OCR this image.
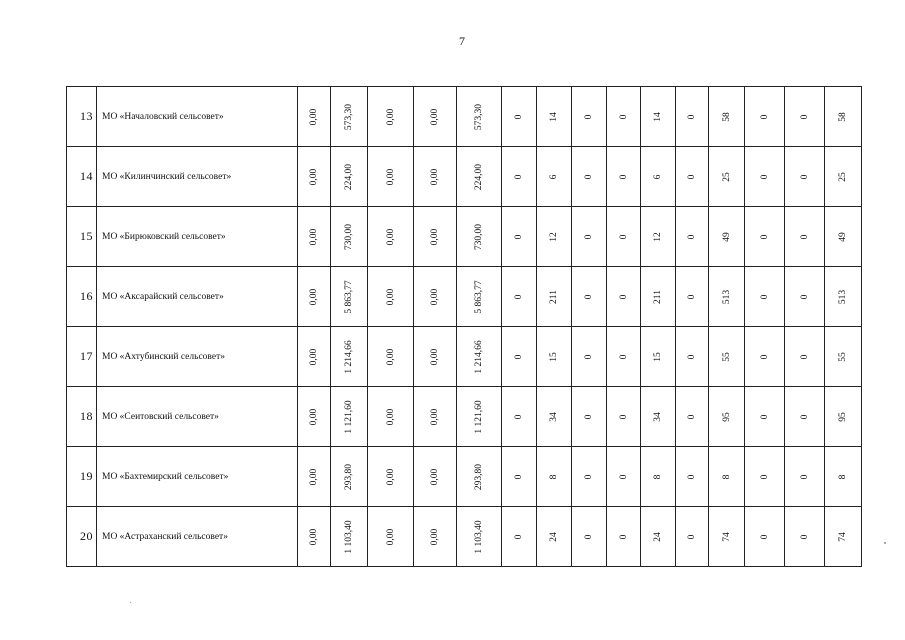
7
13	МО «Началовский сельсовет»	0,00	573,30	0,00	0,00	573,30	0	14	0	0	14	0	58	0	0	58

14	МО «Килинчинский сельсовет»	0,00	224,00	0,00	0,00	224,00	0	6	0	0	6	0	25	0	0	25

15	МО «Бирюковский сельсовет»	0,00	730,00	0,00	0,00	730,00	0	12	0	0	12	0	49	0	0	49

16	МО «Аксарайский сельсовет»	0,00	5 863,77	0,00	0,00	5 863,77	0	211	0	0	211	0	513	0	0	513

17	МО «Ахтубинский сельсовет»	0,00	1 214,66	0,00	0,00	1 214,66	0	15	0	0	15	0	55	0	0	55

18	МО «Сеитовский сельсовет»	0,00	1 121,60	0,00	0,00	1 121,60	0	34	0	0	34	0	95	0	0	95

19	МО «Бахтемирский сельсовет»	0,00	293,80	0,00	0,00	293,80	0	8	0	0	8	0	8	0	0	8

20	МО «Астраханский сельсовет»	0,00	1 103,40	0,00	0,00	1 103,40	0	24	0	0	24	0	74	0	0	74
